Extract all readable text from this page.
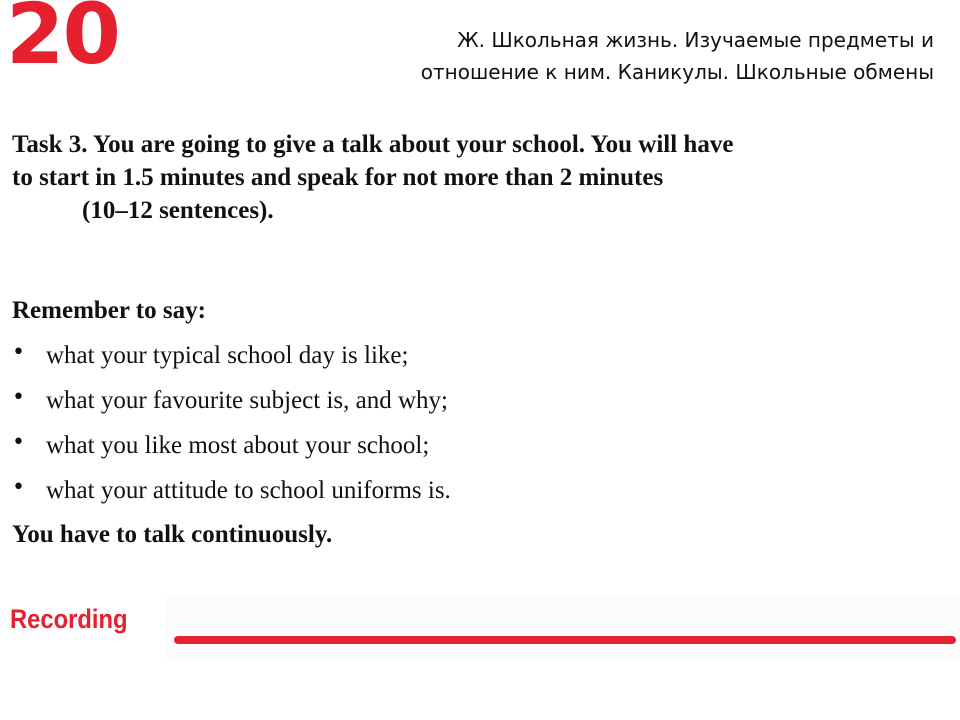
20	Ж. Школьная жизнь. Изучаемые предметы и
отношение к ним. Каникулы. Школьные обмены
Task 3. You are going to give a talk about your school. You will have
to start in 1.5 minutes and speak for not more than 2 minutes
(10–12 sentences).
Remember to say:
• what your typical school day is like;
• what your favourite subject is, and why;
• what you like most about your school;
• what your attitude to school uniforms is.
You have to talk continuously.
Recording
